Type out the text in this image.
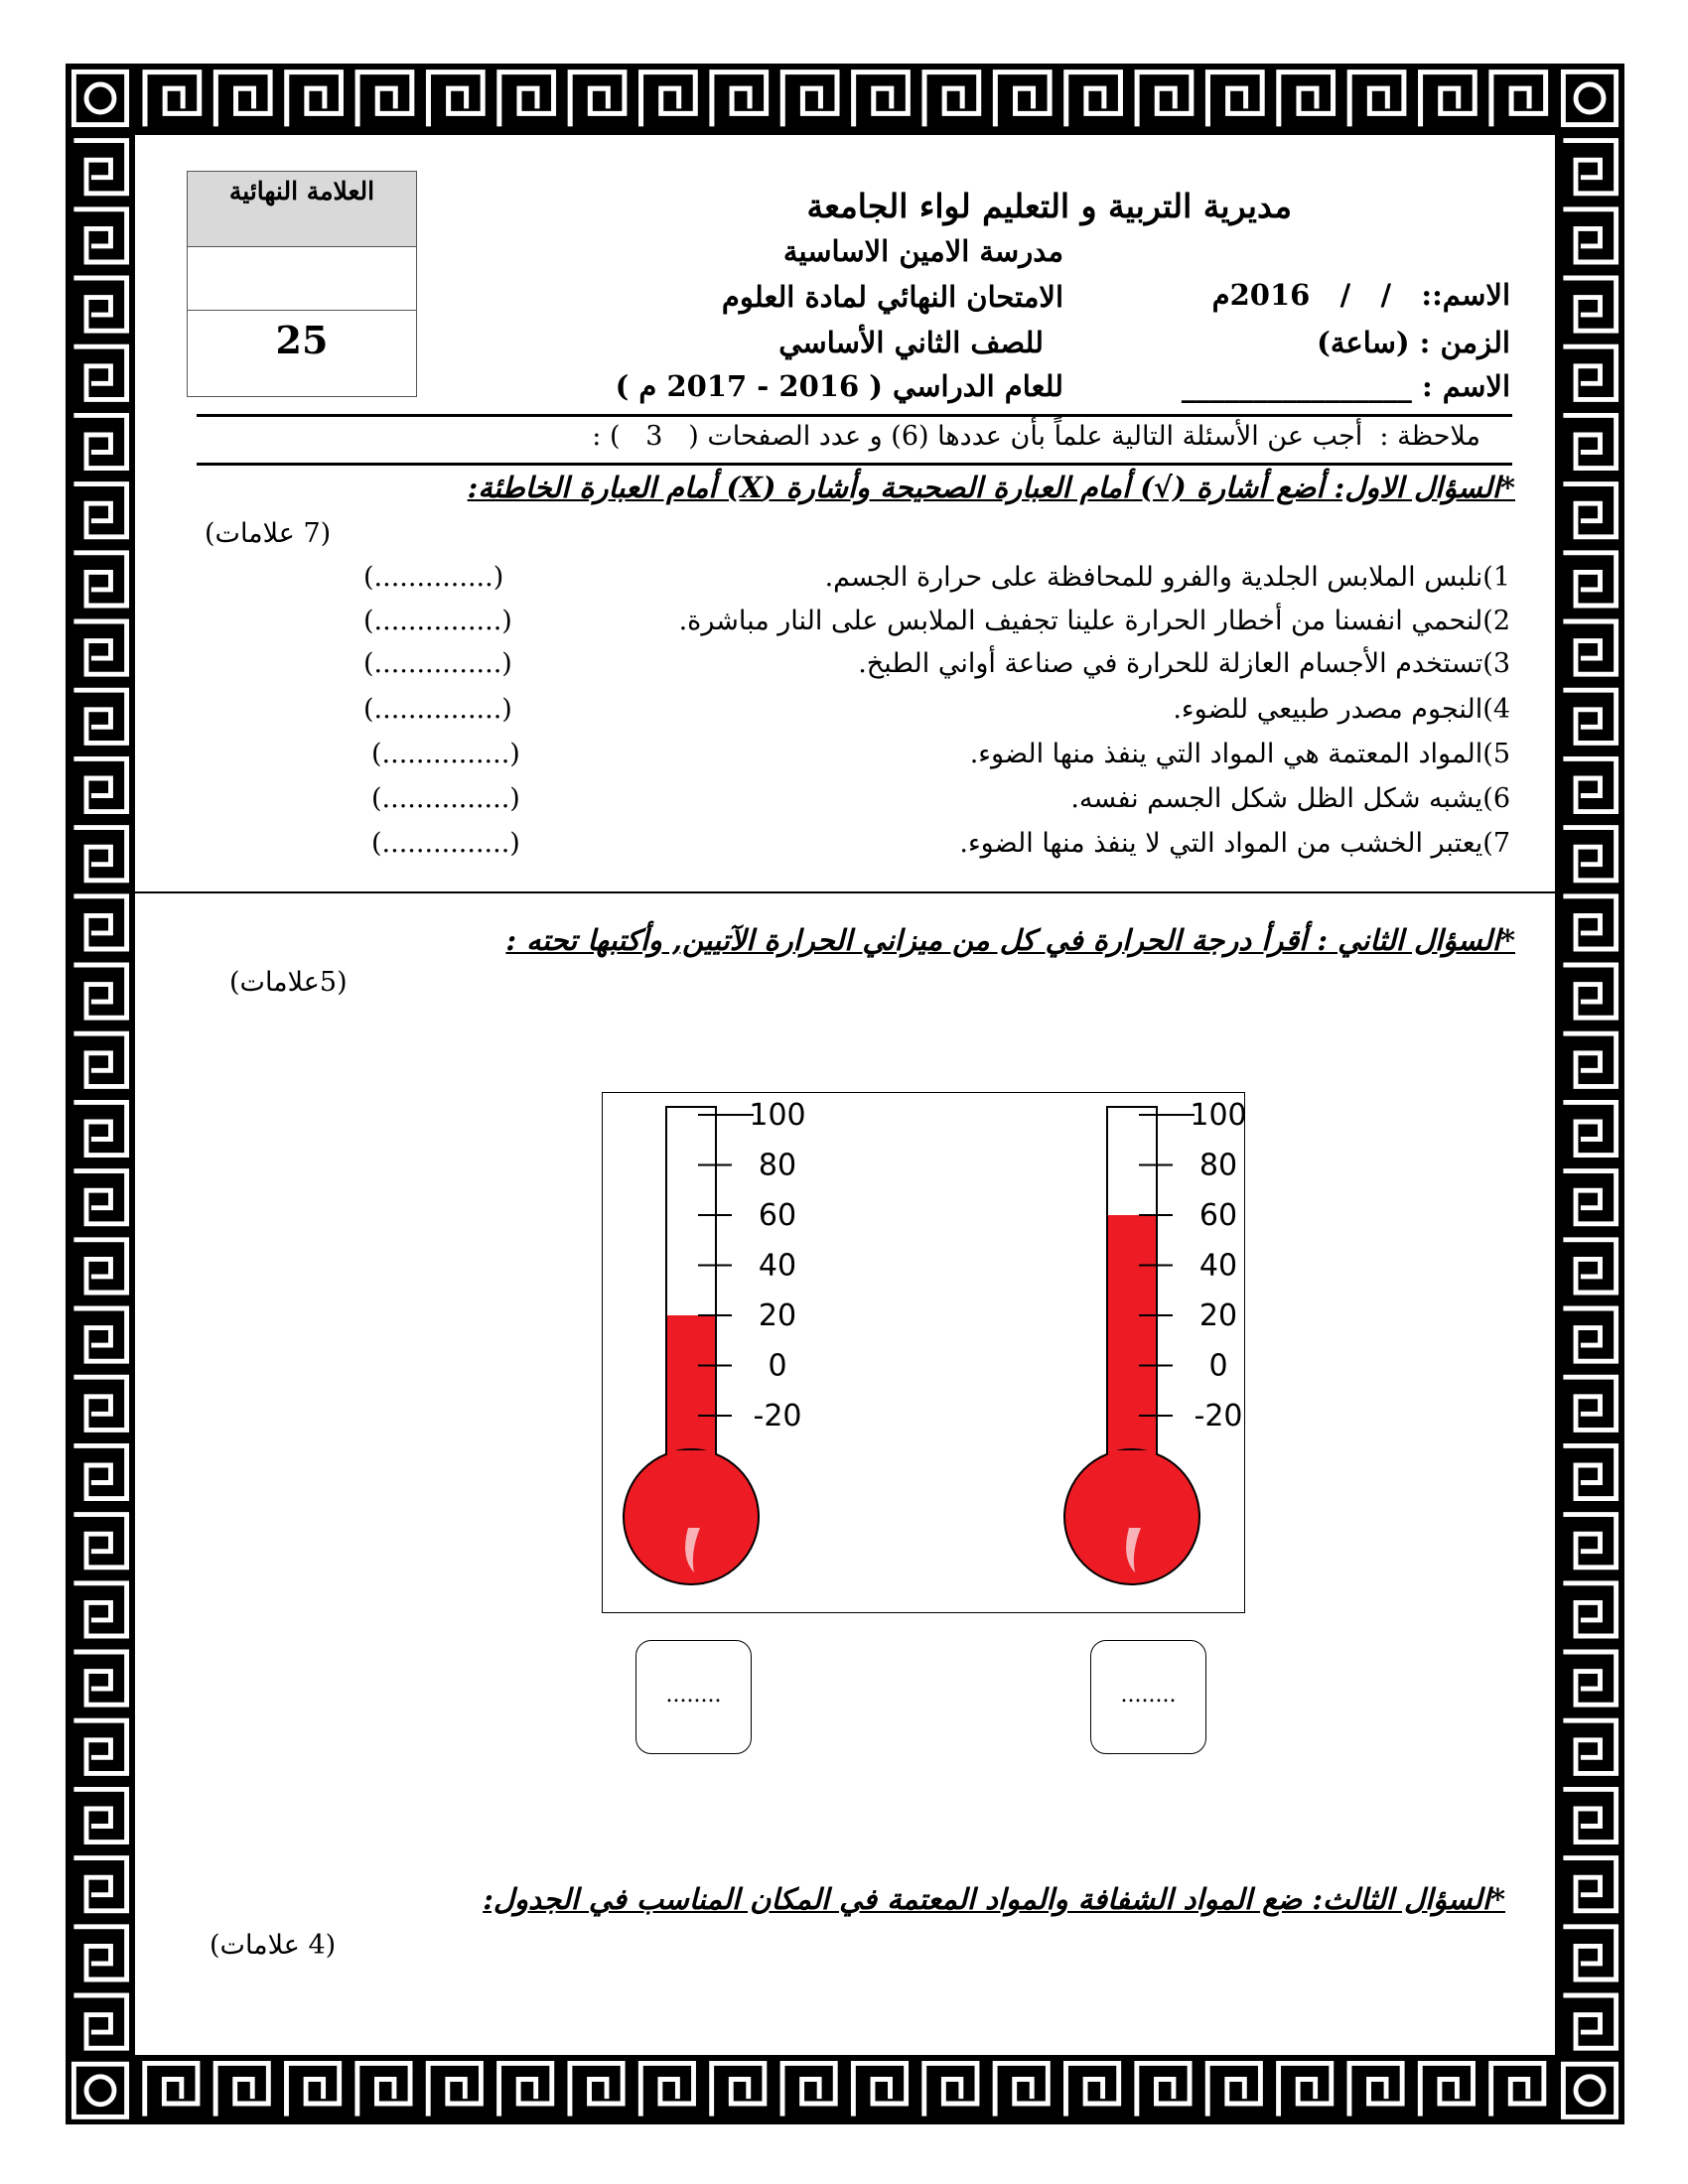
العلامة النهائية
25
مديرية التربية و التعليم لواء الجامعة
مدرسة الامين الاساسية
الامتحان النهائي لمادة العلوم
للصف الثاني الأساسي
للعام الدراسي ( 2016 - 2017 م )
الاسم::   /   /   2016م
الزمن : (ساعة)
الاسم : ________________
ملاحظة :  أجب عن الأسئلة التالية علماً بأن عددها (6) و عدد الصفحات (   3   ) :
*السؤال الاول: أضع أشارة (√) أمام العبارة الصحيحة وأشارة (X) أمام العبارة الخاطئة:
(7 علامات)
1)نلبس الملابس الجلدية والفرو للمحافظة على حرارة الجسم.
(..............)
2)لنحمي انفسنا من أخطار الحرارة علينا تجفيف الملابس على النار مباشرة.
(...............)
3)تستخدم الأجسام العازلة للحرارة في صناعة أواني الطبخ.
(...............)
4)النجوم مصدر طبيعي للضوء.
(...............)
5)المواد المعتمة هي المواد التي ينفذ منها الضوء.
(...............)
6)يشبه شكل الظل شكل الجسم نفسه.
(...............)
7)يعتبر الخشب من المواد التي لا ينفذ منها الضوء.
(...............)
*السؤال الثاني : أقرأ درجة الحرارة في كل من ميزاني الحرارة الآتيين, وأكتبها تحته :
(5علامات)
100
80
60
40
20
0
-20
100
80
60
40
20
0
-20
........	........
*السؤال الثالث: ضع المواد الشفافة والمواد المعتمة في المكان المناسب في الجدول:
(4 علامات)
